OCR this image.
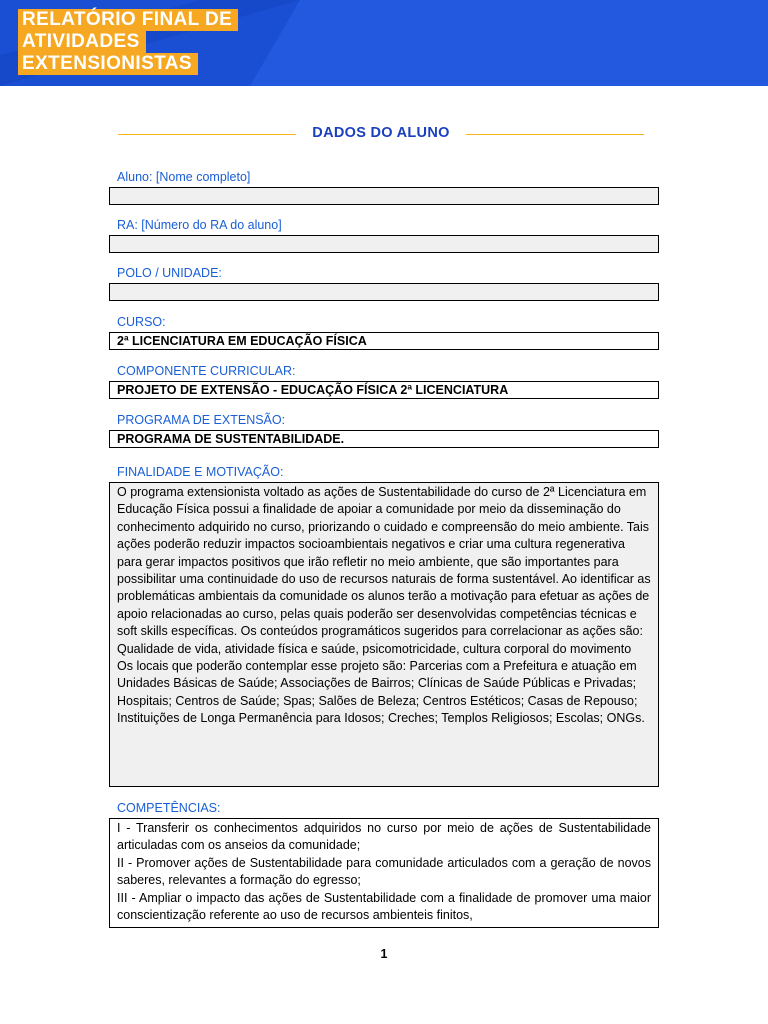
RELATÓRIO FINAL DE
ATIVIDADES
EXTENSIONISTAS
DADOS DO ALUNO
Aluno: [Nome completo]
RA: [Número do RA do aluno]
POLO / UNIDADE:
CURSO:
2ª LICENCIATURA EM EDUCAÇÃO FÍSICA
COMPONENTE CURRICULAR:
PROJETO DE EXTENSÃO - EDUCAÇÃO FÍSICA 2ª LICENCIATURA
PROGRAMA DE EXTENSÃO:
PROGRAMA DE SUSTENTABILIDADE.
FINALIDADE E MOTIVAÇÃO:

O programa extensionista voltado as ações de Sustentabilidade do curso de 2ª Licenciatura em Educação Física possui a finalidade de apoiar a comunidade por meio da disseminação do conhecimento adquirido no curso, priorizando o cuidado e compreensão do meio ambiente. Tais ações poderão reduzir impactos socioambientais negativos e criar uma cultura regenerativa para gerar impactos positivos que irão refletir no meio ambiente, que são importantes para possibilitar uma continuidade do uso de recursos naturais de forma sustentável. Ao identificar as problemáticas ambientais da comunidade os alunos terão a motivação para efetuar as ações de apoio relacionadas ao curso, pelas quais poderão ser desenvolvidas competências técnicas e soft skills específicas. Os conteúdos programáticos sugeridos para correlacionar as ações são: Qualidade de vida, atividade física e saúde, psicomotricidade, cultura corporal do movimento

Os locais que poderão contemplar esse projeto são: Parcerias com a Prefeitura e atuação em Unidades Básicas de Saúde; Associações de Bairros; Clínicas de Saúde Públicas e Privadas; Hospitais; Centros de Saúde; Spas; Salões de Beleza; Centros Estéticos; Casas de Repouso; Instituições de Longa Permanência para Idosos; Creches; Templos Religiosos; Escolas; ONGs.

COMPETÊNCIAS:

I - Transferir os conhecimentos adquiridos no curso por meio de ações de Sustentabilidade articuladas com os anseios da comunidade;

II - Promover ações de Sustentabilidade para comunidade articulados com a geração de novos saberes, relevantes a formação do egresso;

III - Ampliar o impacto das ações de Sustentabilidade com a finalidade de promover uma maior conscientização referente ao uso de recursos ambienteis finitos,

1
